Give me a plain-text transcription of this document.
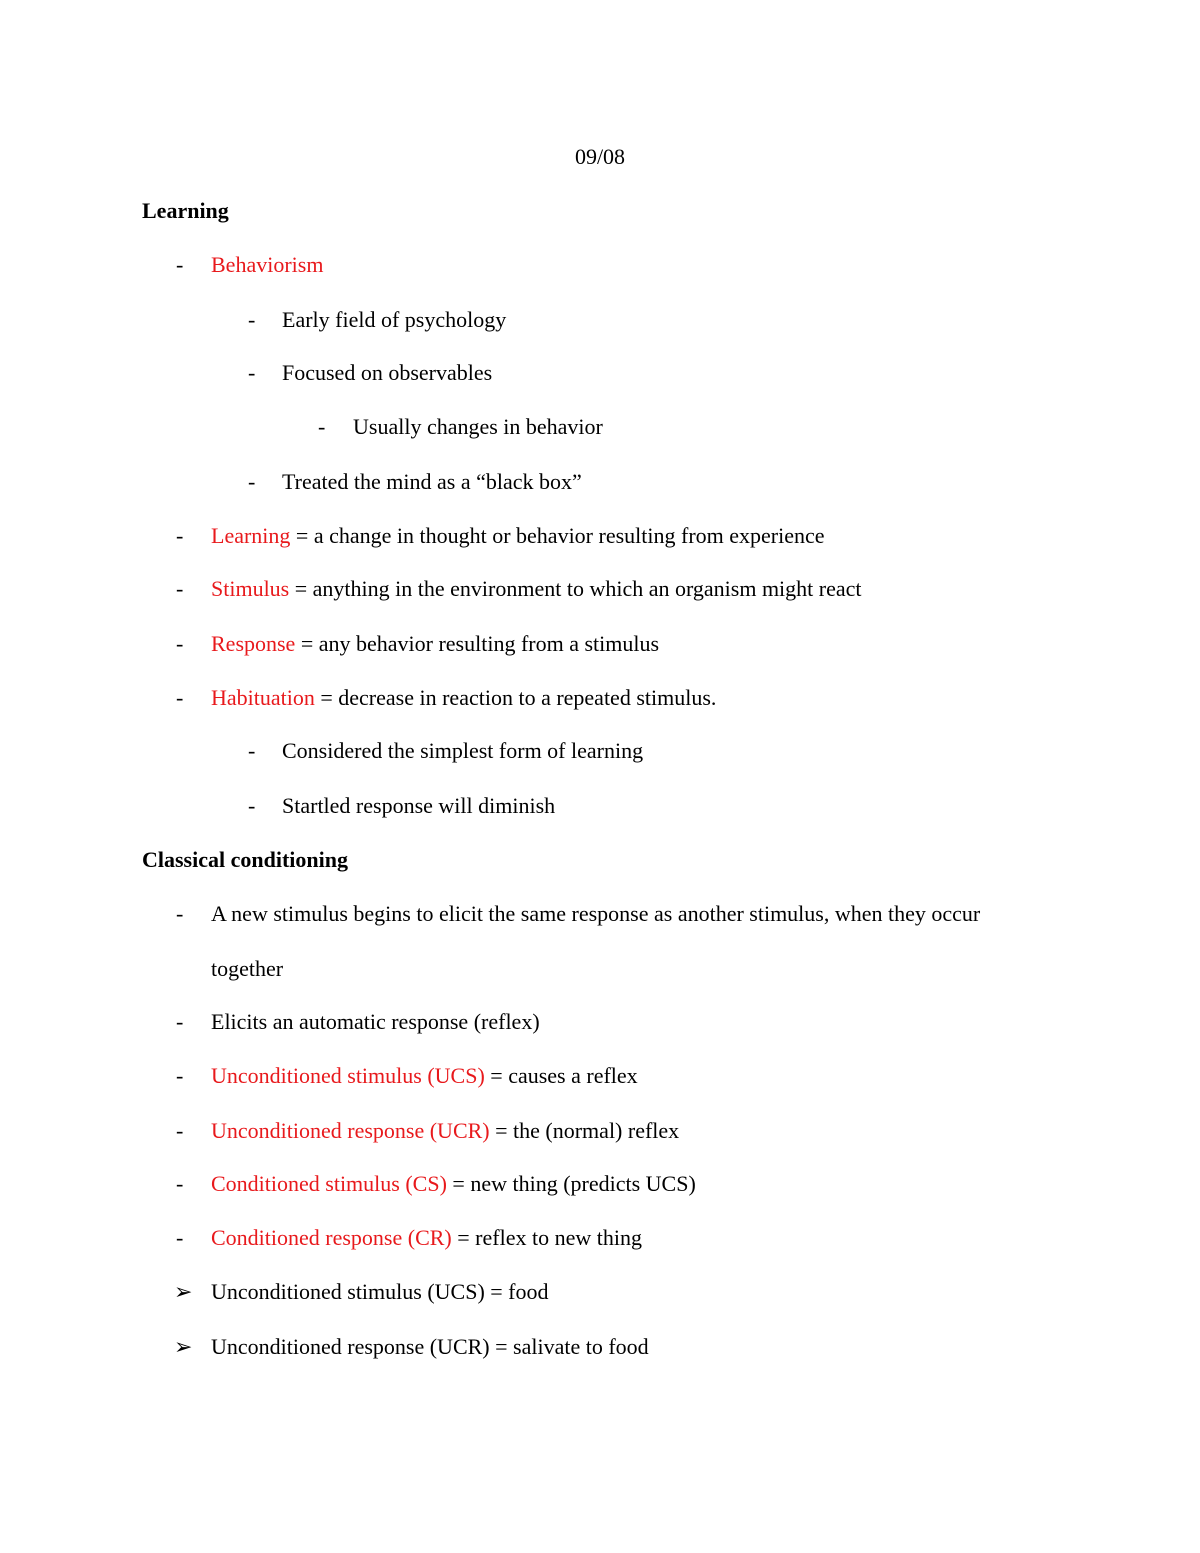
09/08
Learning
- Behaviorism
- Early field of psychology
- Focused on observables
- Usually changes in behavior
- Treated the mind as a “black box”
- Learning = a change in thought or behavior resulting from experience
- Stimulus = anything in the environment to which an organism might react
- Response = any behavior resulting from a stimulus
- Habituation = decrease in reaction to a repeated stimulus.
- Considered the simplest form of learning
- Startled response will diminish
Classical conditioning
- A new stimulus begins to elicit the same response as another stimulus, when they occur
together
- Elicits an automatic response (reflex)
- Unconditioned stimulus (UCS) = causes a reflex
- Unconditioned response (UCR) = the (normal) reflex
- Conditioned stimulus (CS) = new thing (predicts UCS)
- Conditioned response (CR) = reflex to new thing
➢ Unconditioned stimulus (UCS) = food
➢ Unconditioned response (UCR) = salivate to food
